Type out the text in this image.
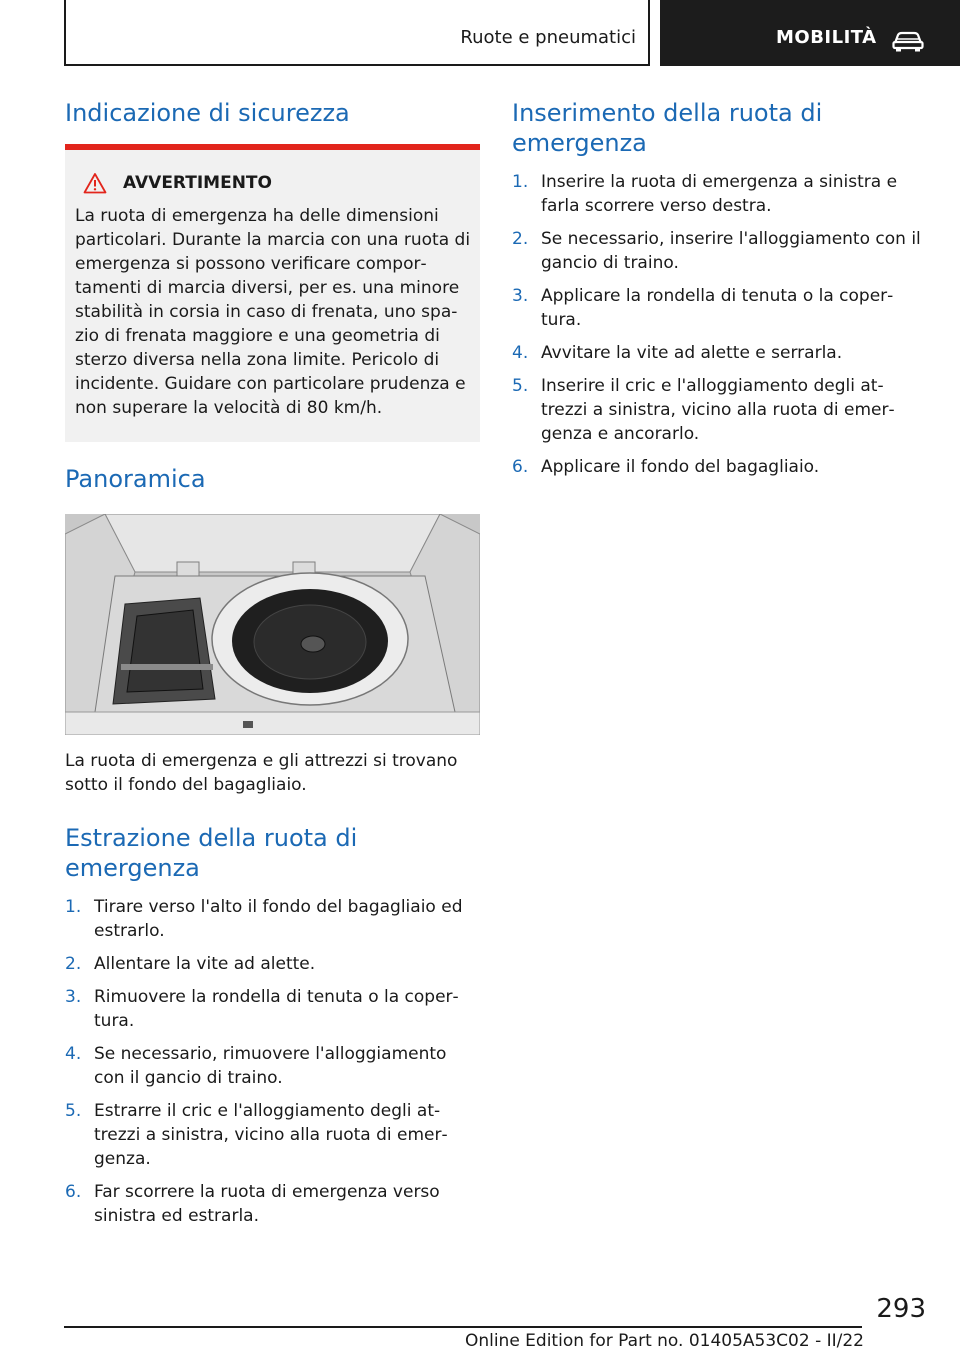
Ruote e pneumatici	MOBILITÀ
Indicazione di sicurezza
AVVERTIMENTO

La ruota di emergenza ha delle dimensioni particolari. Durante la marcia con una ruota di emergenza si possono verificare comportamenti di marcia diversi, per es. una minore stabilità in corsia in caso di frenata, uno spazio di frenata maggiore e una geometria di sterzo diversa nella zona limite. Pericolo di incidente. Guidare con particolare prudenza e non superare la velocità di 80 km/h.

Panoramica

La ruota di emergenza e gli attrezzi si trovano sotto il fondo del bagagliaio.

Estrazione della ruota di emergenza
1. Tirare verso l'alto il fondo del bagagliaio ed estrarlo.
2. Allentare la vite ad alette.
3. Rimuovere la rondella di tenuta o la copertura.
4. Se necessario, rimuovere l'alloggiamento con il gancio di traino.
5. Estrarre il cric e l'alloggiamento degli attrezzi a sinistra, vicino alla ruota di emergenza.
6. Far scorrere la ruota di emergenza verso sinistra ed estrarla.
Inserimento della ruota di emergenza
1. Inserire la ruota di emergenza a sinistra e farla scorrere verso destra.
2. Se necessario, inserire l'alloggiamento con il gancio di traino.
3. Applicare la rondella di tenuta o la copertura.
4. Avvitare la vite ad alette e serrarla.
5. Inserire il cric e l'alloggiamento degli attrezzi a sinistra, vicino alla ruota di emergenza e ancorarlo.
6. Applicare il fondo del bagagliaio.
293
Online Edition for Part no. 01405A53C02 - II/22
